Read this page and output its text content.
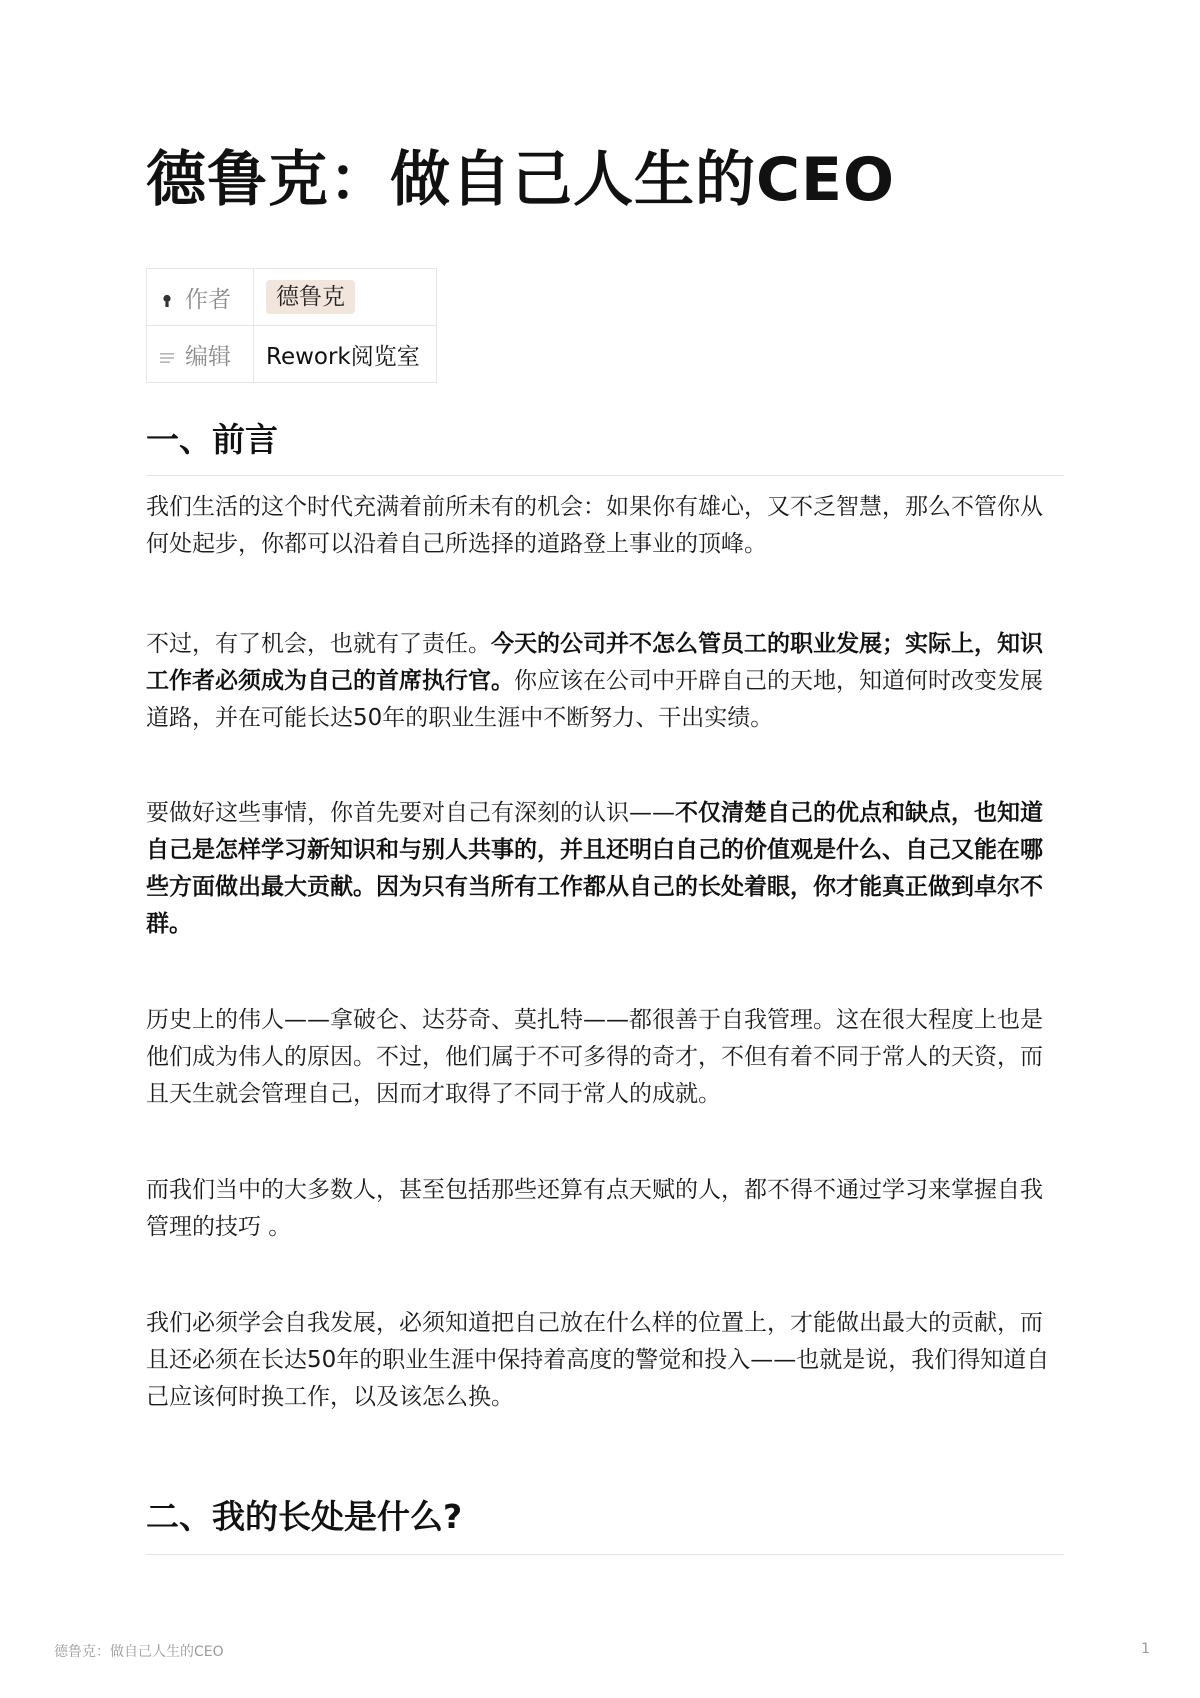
德鲁克：做自己人生的CEO
作者	德鲁克
编辑	Rework阅览室
一、前言

我们生活的这个时代充满着前所未有的机会：如果你有雄心，又不乏智慧，那么不管你从何处起步，你都可以沿着自己所选择的道路登上事业的顶峰。

不过，有了机会，也就有了责任。今天的公司并不怎么管员工的职业发展；实际上，知识工作者必须成为自己的首席执行官。你应该在公司中开辟自己的天地，知道何时改变发展道路，并在可能长达50年的职业生涯中不断努力、干出实绩。

要做好这些事情，你首先要对自己有深刻的认识——不仅清楚自己的优点和缺点，也知道自己是怎样学习新知识和与别人共事的，并且还明白自己的价值观是什么、自己又能在哪些方面做出最大贡献。因为只有当所有工作都从自己的长处着眼，你才能真正做到卓尔不群。

历史上的伟人——拿破仑、达芬奇、莫扎特——都很善于自我管理。这在很大程度上也是他们成为伟人的原因。不过，他们属于不可多得的奇才，不但有着不同于常人的天资，而且天生就会管理自己，因而才取得了不同于常人的成就。

而我们当中的大多数人，甚至包括那些还算有点天赋的人，都不得不通过学习来掌握自我管理的技巧 。

我们必须学会自我发展，必须知道把自己放在什么样的位置上，才能做出最大的贡献，而且还必须在长达50年的职业生涯中保持着高度的警觉和投入——也就是说，我们得知道自己应该何时换工作，以及该怎么换。

二、我的长处是什么?
德鲁克：做自己人生的CEO	1
